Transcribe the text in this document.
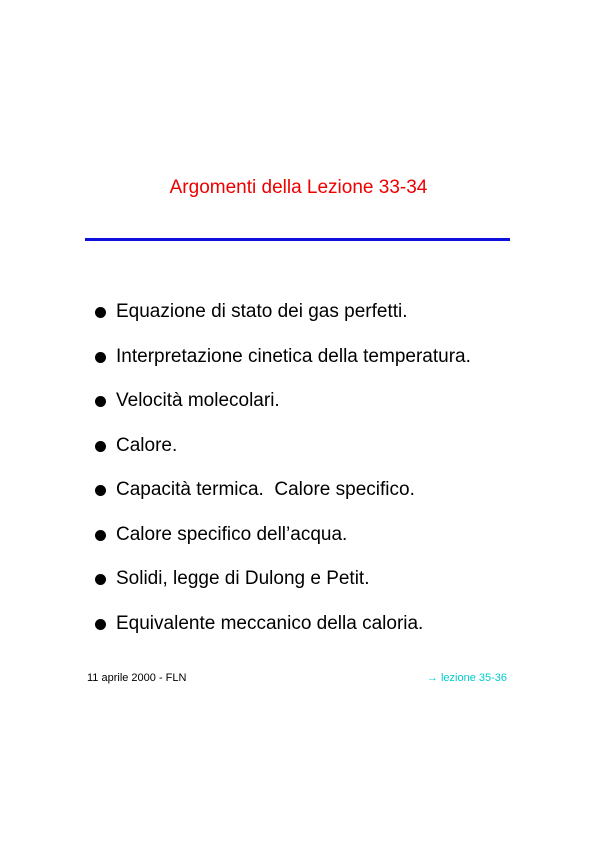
Argomenti della Lezione 33-34
Equazione di stato dei gas perfetti.
Interpretazione cinetica della temperatura.
Velocità molecolari.
Calore.
Capacità termica.  Calore specifico.
Calore specifico dell’acqua.
Solidi, legge di Dulong e Petit.
Equivalente meccanico della caloria.
11 aprile 2000 - FLN	→ lezione 35-36
